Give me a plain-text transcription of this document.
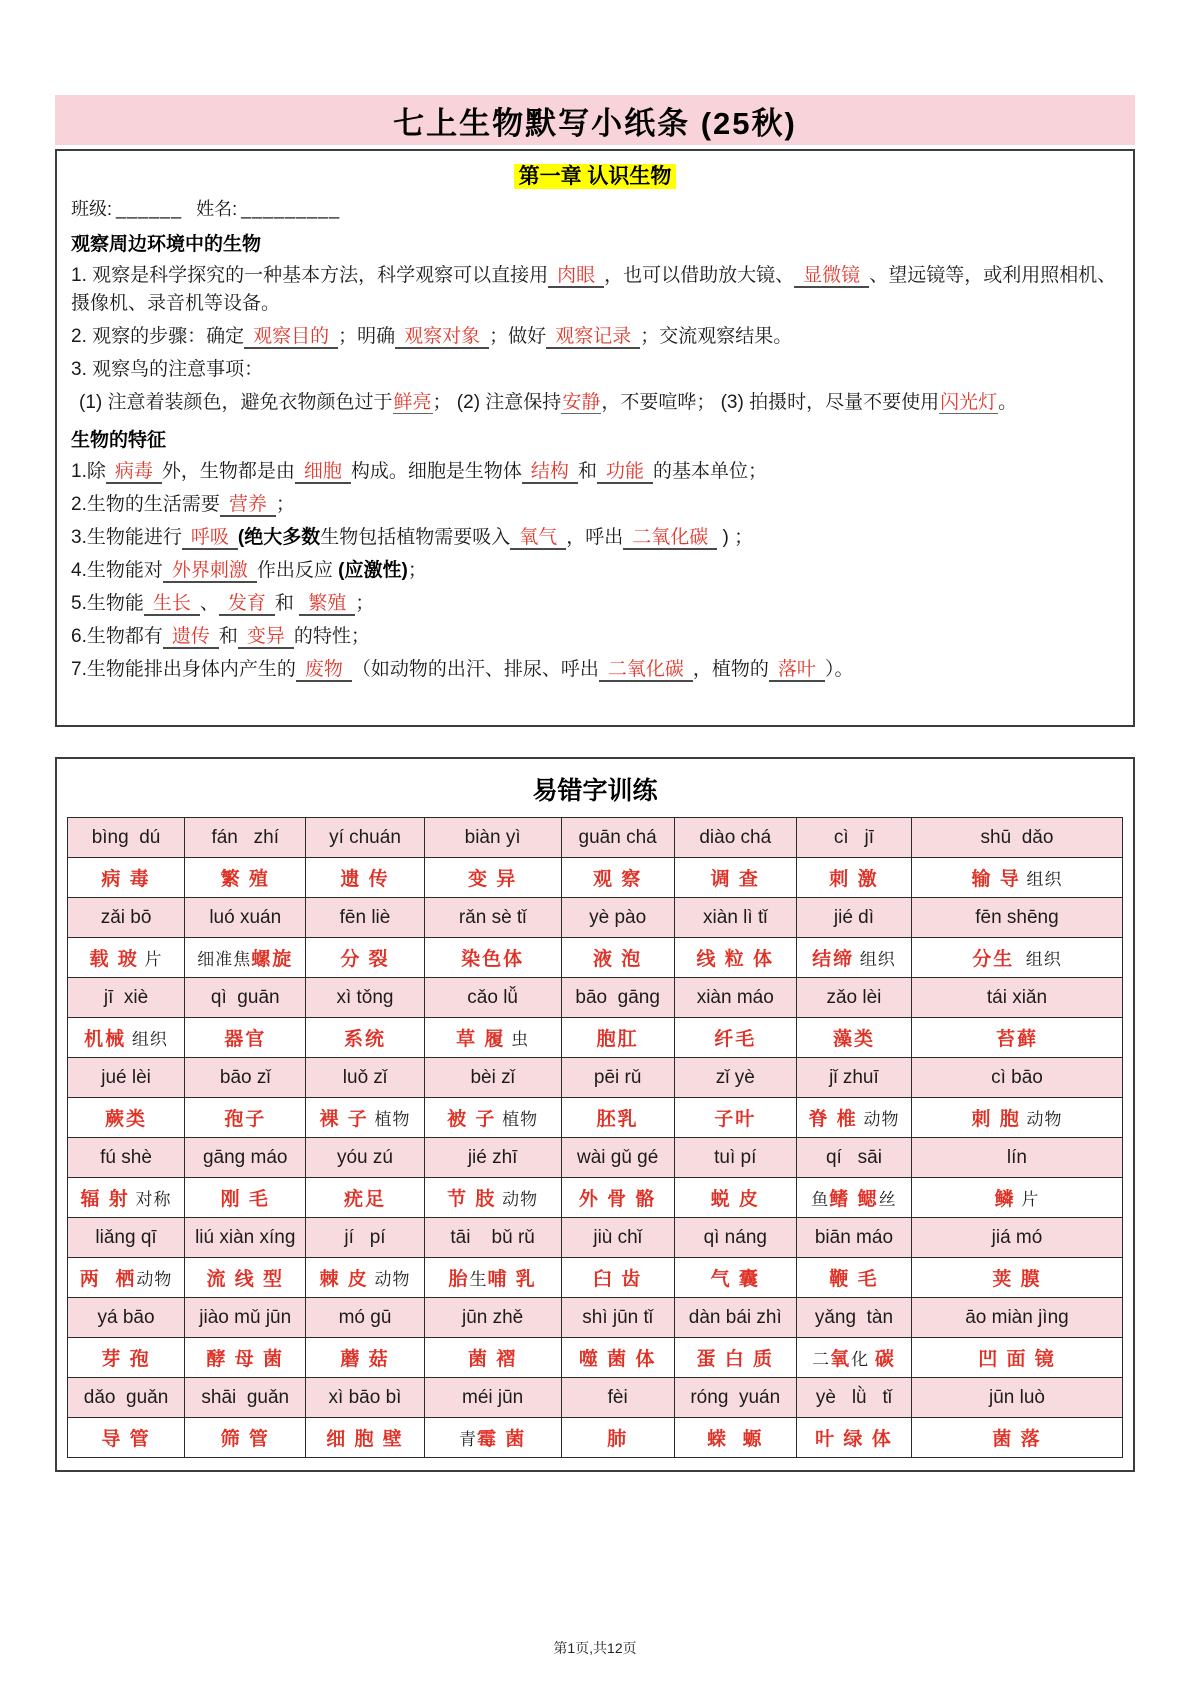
七上生物默写小纸条 (25秋)
第一章 认识生物
班级: ______ 姓名: _________
观察周边环境中的生物
1. 观察是科学探究的一种基本方法，科学观察可以直接用 肉眼 ，也可以借助放大镜、 显微镜 、望远镜等，或利用照相机、摄像机、录音机等设备。
2. 观察的步骤：确定 观察目的 ；明确 观察对象 ；做好 观察记录 ；交流观察结果。
3. 观察鸟的注意事项：
(1) 注意着装颜色，避免衣物颜色过于鲜亮； (2) 注意保持安静，不要喧哗； (3) 拍摄时，尽量不要使用闪光灯。
生物的特征
1.除 病毒 外，生物都是由 细胞 构成。细胞是生物体 结构 和 功能 的基本单位；
2.生物的生活需要 营养 ；
3.生物能进行 呼吸 (绝大多数生物包括植物需要吸入 氧气 ，呼出 二氧化碳 ) ；
4.生物能对 外界刺激 作出反应 (应激性)；
5.生物能 生长 、 发育 和 繁殖 ；
6.生物都有 遗传 和 变异 的特性；
7.生物能排出身体内产生的 废物 （如动物的出汗、排尿、呼出 二氧化碳 ，植物的 落叶 ）。
易错字训练
bìng  dú	fán   zhí	yí chuán	biàn yì	guān chá	diào chá	cì   jī	shū  dǎo
病 毒	繁 殖	遗 传	变 异	观 察	调 查	刺 激	输 导 组织
zǎi bō	luó xuán	fēn liè	rǎn sè tǐ	yè pào	xiàn lì tǐ	jié dì	fēn shēng
载 玻 片	细准焦螺旋	分 裂	染色体	液 泡	线 粒 体	结缔 组织	分生  组织
jī  xiè	qì  guān	xì tǒng	cǎo lǚ	bāo  gāng	xiàn máo	zǎo lèi	tái xiǎn
机械 组织	器官	系统	草 履 虫	胞肛	纤毛	藻类	苔藓
jué lèi	bāo zǐ	luǒ zǐ	bèi zǐ	pēi rǔ	zǐ yè	jǐ zhuī	cì bāo
蕨类	孢子	裸 子 植物	被 子 植物	胚乳	子叶	脊 椎 动物	刺 胞 动物
fú shè	gāng máo	yóu zú	jié zhī	wài gǔ gé	tuì pí	qí   sāi	lín
辐 射 对称	刚 毛	疣足	节 肢 动物	外 骨 骼	蜕 皮	鱼鳍 鳃丝	鳞 片
liǎng qī	liú xiàn xíng	jí   pí	tāi    bǔ rǔ	jiù chǐ	qì náng	biān máo	jiá mó
两  栖动物	流 线 型	棘 皮 动物	胎生哺 乳	臼 齿	气 囊	鞭 毛	荚 膜
yá bāo	jiào mǔ jūn	mó gū	jūn zhě	shì jūn tǐ	dàn bái zhì	yǎng  tàn	āo miàn jìng
芽 孢	酵 母 菌	蘑 菇	菌 褶	噬 菌 体	蛋 白 质	二氧化 碳	凹 面 镜
dǎo  guǎn	shāi  guǎn	xì bāo bì	méi jūn	fèi	róng  yuán	yè   lǜ   tǐ	jūn luò
导 管	筛 管	细 胞 壁	青霉 菌	肺	蝾  螈	叶 绿 体	菌 落
第1页,共12页
